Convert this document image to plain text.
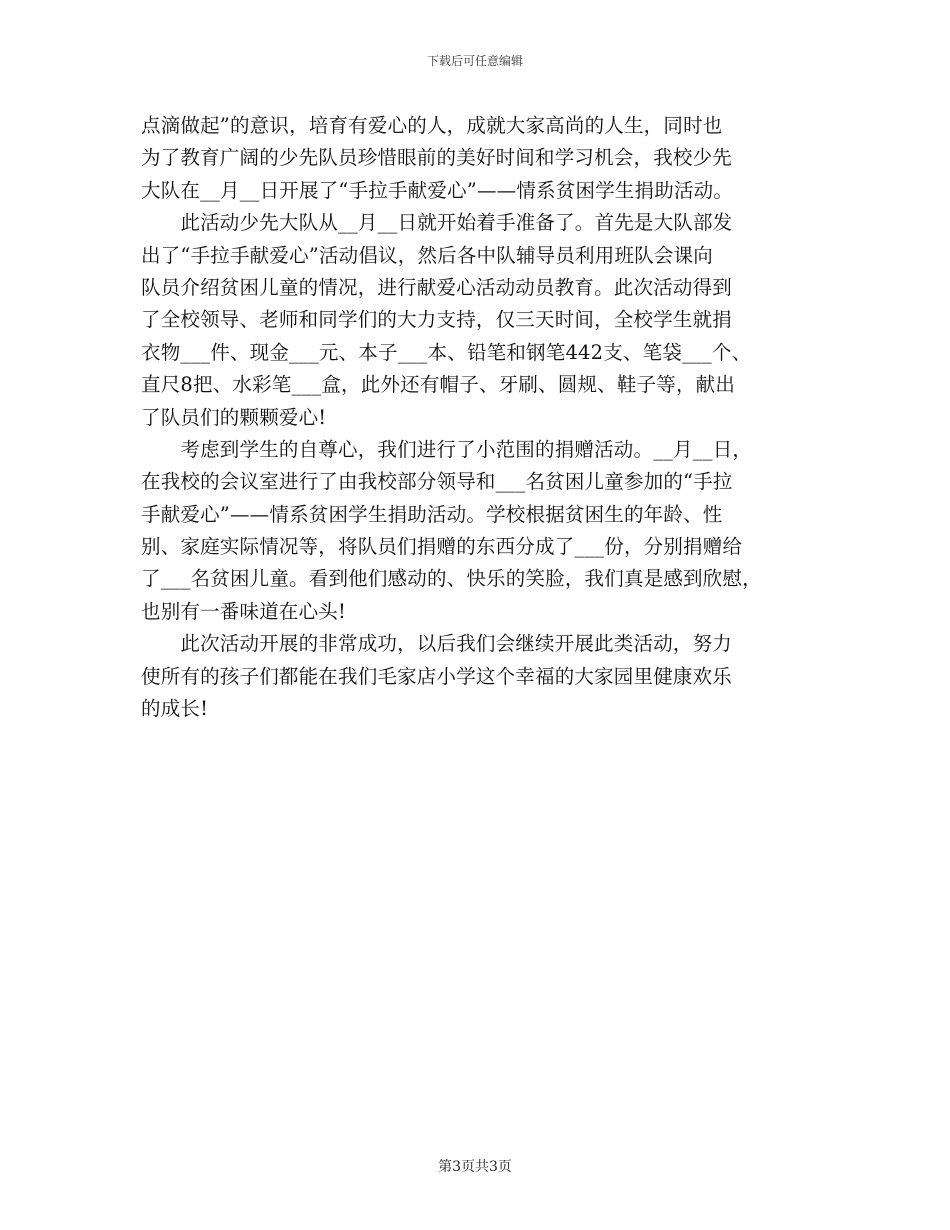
下载后可任意编辑
点滴做起”的意识，培育有爱心的人，成就大家高尚的人生，同时也
为了教育广阔的少先队员珍惜眼前的美好时间和学习机会，我校少先
大队在__月__日开展了“手拉手献爱心”——情系贫困学生捐助活动。
　　此活动少先大队从__月__日就开始着手准备了。首先是大队部发
出了“手拉手献爱心”活动倡议，然后各中队辅导员利用班队会课向
队员介绍贫困儿童的情况，进行献爱心活动动员教育。此次活动得到
了全校领导、老师和同学们的大力支持，仅三天时间，全校学生就捐
衣物___件、现金___元、本子___本、铅笔和钢笔442支、笔袋___个、
直尺8把、水彩笔___盒，此外还有帽子、牙刷、圆规、鞋子等，献出
了队员们的颗颗爱心!
　　考虑到学生的自尊心，我们进行了小范围的捐赠活动。__月__日，
在我校的会议室进行了由我校部分领导和___名贫困儿童参加的“手拉
手献爱心”——情系贫困学生捐助活动。学校根据贫困生的年龄、性
别、家庭实际情况等，将队员们捐赠的东西分成了___份，分别捐赠给
了___名贫困儿童。看到他们感动的、快乐的笑脸，我们真是感到欣慰，
也别有一番味道在心头!
　　此次活动开展的非常成功，以后我们会继续开展此类活动，努力
使所有的孩子们都能在我们毛家店小学这个幸福的大家园里健康欢乐
的成长!
第3页共3页
